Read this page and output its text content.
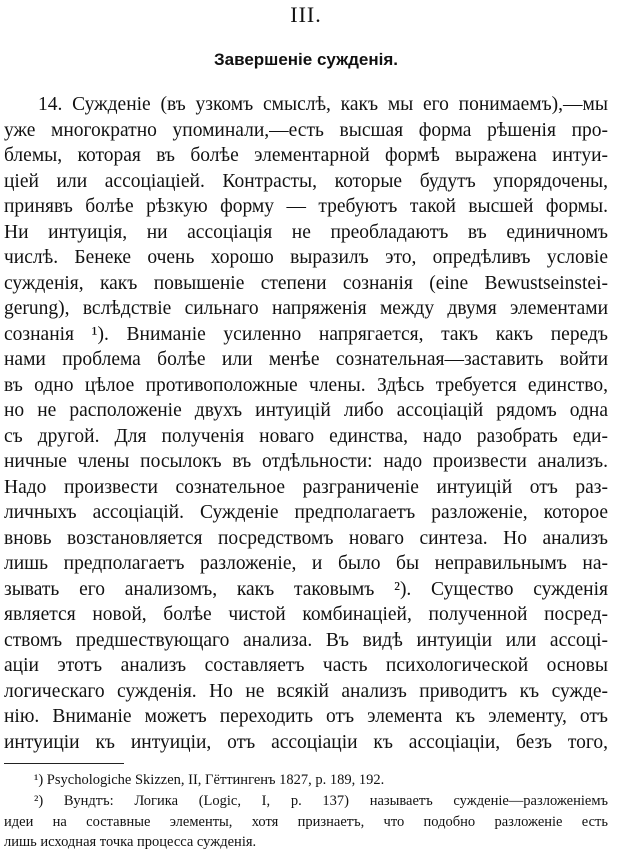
III.
Завершеніе сужденія.
14. Сужденіе (въ узкомъ смыслѣ, какъ мы его понимаемъ),—мы
уже многократно упоминали,—есть высшая форма рѣшенія про-
блемы, которая въ болѣе элементарной формѣ выражена интуи-
ціей или ассоціаціей. Контрасты, которые будутъ упорядочены,
принявъ болѣе рѣзкую форму — требуютъ такой высшей формы.
Ни интуиція, ни ассоціація не преобладаютъ въ единичномъ
числѣ. Бенеке очень хорошо выразилъ это, опредѣливъ условіе
сужденія, какъ повышеніе степени сознанія (eine Bewustseinstei-
gerung), вслѣдствіе сильнаго напряженія между двумя элементами
сознанія ¹). Вниманіе усиленно напрягается, такъ какъ передъ
нами проблема болѣе или менѣе сознательная—заставить войти
въ одно цѣлое противоположные члены. Здѣсь требуется единство,
но не расположеніе двухъ интуицій либо ассоціацій рядомъ одна
съ другой. Для полученія новаго единства, надо разобрать еди-
ничные члены посылокъ въ отдѣльности: надо произвести анализъ.
Надо произвести сознательное разграниченіе интуицій отъ раз-
личныхъ ассоціацій. Сужденіе предполагаетъ разложеніе, которое
вновь возстановляется посредствомъ новаго синтеза. Но анализъ
лишь предполагаетъ разложеніе, и было бы неправильнымъ на-
зывать его анализомъ, какъ таковымъ ²). Существо сужденія
является новой, болѣе чистой комбинаціей, полученной посред-
ствомъ предшествующаго анализа. Въ видѣ интуиціи или ассоці-
аціи этотъ анализъ составляетъ часть психологической основы
логическаго сужденія. Но не всякій анализъ приводитъ къ сужде-
нію. Вниманіе можетъ переходить отъ элемента къ элементу, отъ
интуиціи къ интуиціи, отъ ассоціаціи къ ассоціаціи, безъ того,
¹) Psychologiche Skizzen, II, Гёттингенъ 1827, p. 189, 192.
²) Вундтъ: Логика (Logic, I, p. 137) называетъ сужденіе—разложеніемъ
идеи на составные элементы, хотя признаетъ, что подобно разложеніе есть
лишь исходная точка процесса сужденія.
